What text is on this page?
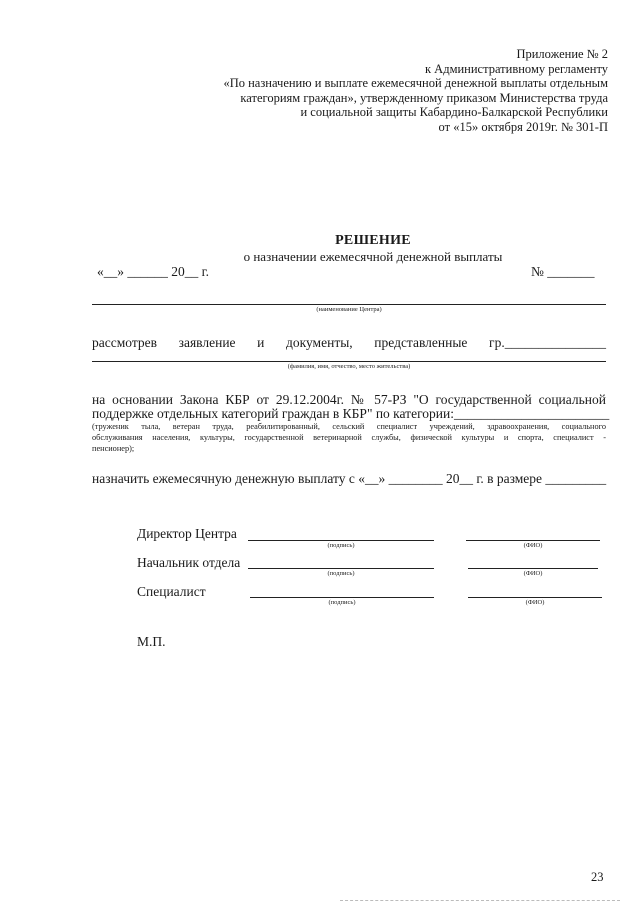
Приложение № 2
к Административному регламенту
«По назначению и выплате ежемесячной денежной выплаты отдельным
категориям граждан», утвержденному приказом Министерства труда
и социальной защиты Кабардино-Балкарской Республики
от «15» октября 2019г. № 301-П
РЕШЕНИЕ
о назначении ежемесячной денежной выплаты
«__» ______ 20__ г.	№ _______
(наименование Центра)
рассмотрев заявление и документы, представленные гр._______________
(фамилия, имя, отчество, место жительства)
на основании Закона КБР от 29.12.2004г. № 57-РЗ "О государственной социальной
поддержке отдельных категорий граждан в КБР" по категории:_______________________
(труженик тыла, ветеран труда, реабилитированный, сельский специалист учреждений, здравоохранения, социального
обслуживания населения, культуры, государственной ветеринарной службы, физической культуры и спорта, специалист -
пенсионер);
назначить ежемесячную денежную выплату с «__» ________ 20__ г. в размере _________
Директор Центра
(подпись)	(ФИО)
Начальник отдела
(подпись)	(ФИО)
Специалист
(подпись)	(ФИО)
М.П.
23
